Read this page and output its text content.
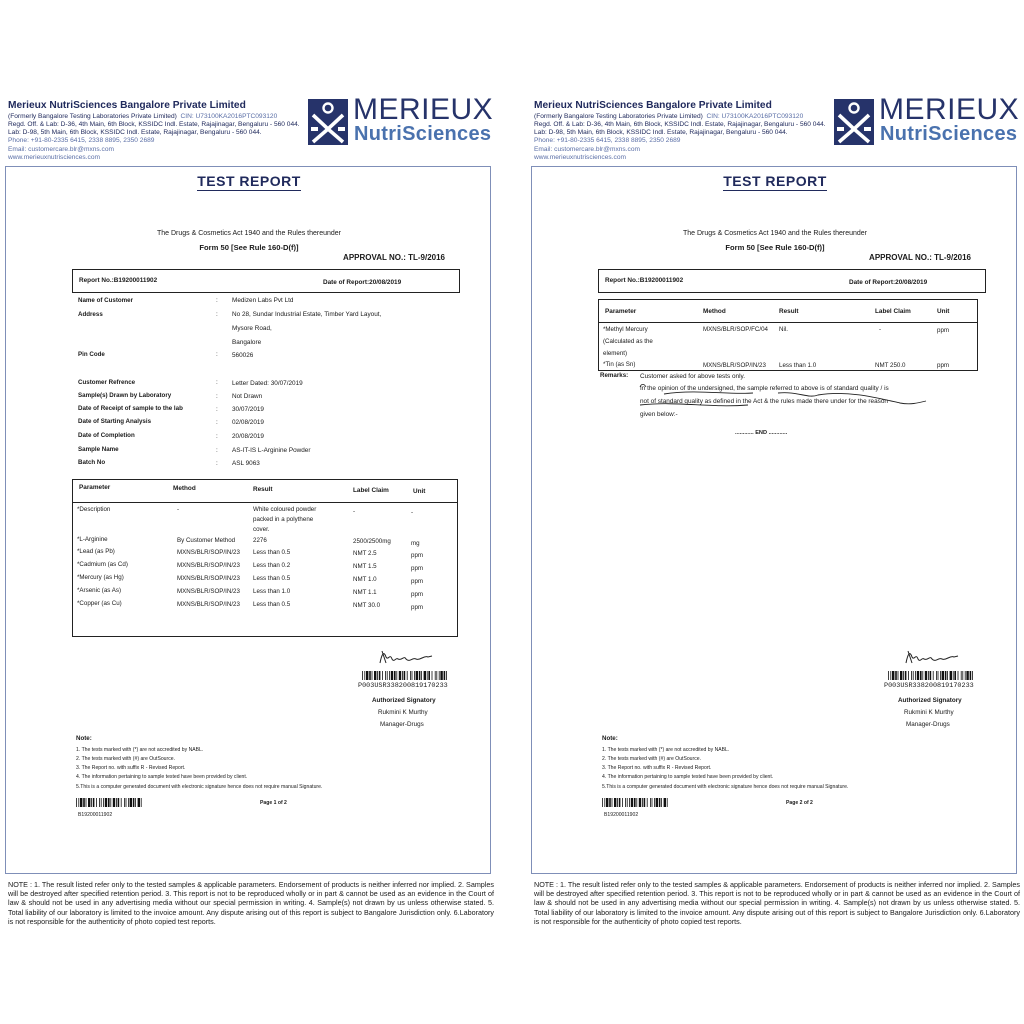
Merieux NutriSciences Bangalore Private Limited
(Formerly Bangalore Testing Laboratories Private Limited) CIN: U73100KA2016PTC093120
Regd. Off. & Lab: D-36, 4th Main, 6th Block, KSSIDC Indl. Estate, Rajajinagar, Bengaluru - 560 044.
Lab: D-98, 5th Main, 6th Block, KSSIDC Indl. Estate, Rajajinagar, Bengaluru - 560 044.
Phone: +91-80-2335 6415, 2338 8895, 2350 2689
Email: customercare.blr@mxns.com
www.merieuxnutrisciences.com
MERIEUX
NutriSciences
TEST REPORT
The Drugs & Cosmetics Act 1940 and the Rules thereunder
Form 50 [See Rule 160-D(f)]
APPROVAL NO.: TL-9/2016
Report No.:B19200011902	Date of Report:20/08/2019
Name of Customer	: Medizen Labs Pvt Ltd
Address	: No 28, Sundar Industrial Estate, Timber Yard Layout,
Mysore Road,
Bangalore
Pin Code	: 560026
Customer Refrence	: Letter Dated: 30/07/2019
Sample(s) Drawn by Laboratory	: Not Drawn
Date of Receipt of sample to the lab	: 30/07/2019
Date of Starting Analysis	: 02/08/2019
Date of Completion	: 20/08/2019
Sample Name	: AS-IT-IS L-Arginine Powder
Batch No	: ASL 9063
Parameter	Method	Result	Label Claim	Unit
*Description	-	White coloured powder	-	-
packed in a polythene
cover.
*L-Arginine	By Customer Method	2276	2500/2500mg	mg
*Lead (as Pb)	MXNS/BLR/SOP/IN/23 Less than 0.5	NMT 2.5	ppm
*Cadmium (as Cd)	MXNS/BLR/SOP/IN/23 Less than 0.2	NMT 1.5	ppm
*Mercury (as Hg)	MXNS/BLR/SOP/IN/23 Less than 0.5	NMT 1.0	ppm
*Arsenic (as As)	MXNS/BLR/SOP/IN/23 Less than 1.0	NMT 1.1	ppm
*Copper (as Cu)	MXNS/BLR/SOP/IN/23 Less than 0.5	NMT 30.0	ppm
P003USR338200819170233
Authorized Signatory
Rukmini K Murthy
Manager-Drugs
Note:
1. The tests marked with (*) are not accredited by NABL.
2. The tests marked with (#) are OutSource.
3. The Report no. with suffix R - Revised Report.
4. The information pertaining to sample tested have been provided by client.
5.This is a computer generated document with electronic signature hence does not require manual Signature.
Page 1 of 2
B19200011902
NOTE : 1. The result listed refer only to the tested samples & applicable parameters. Endorsement of products is neither inferred nor implied. 2. Samples will be destroyed after specified retention period. 3. This report is not to be reproduced wholly or in part & cannot be used as an evidence in the Court of law & should not be used in any advertising media without our special permission in writing. 4. Sample(s) not drawn by us unless otherwise stated. 5. Total liability of our laboratory is limited to the invoice amount. Any dispute arising out of this report is subject to Bangalore Jurisdiction only. 6.Laboratory is not responsible for the authenticity of photo copied test reports.
Merieux NutriSciences Bangalore Private Limited
(Formerly Bangalore Testing Laboratories Private Limited) CIN: U73100KA2016PTC093120
Regd. Off. & Lab: D-36, 4th Main, 6th Block, KSSIDC Indl. Estate, Rajajinagar, Bengaluru - 560 044.
Lab: D-98, 5th Main, 6th Block, KSSIDC Indl. Estate, Rajajinagar, Bengaluru - 560 044.
Phone: +91-80-2335 6415, 2338 8895, 2350 2689
Email: customercare.blr@mxns.com
www.merieuxnutrisciences.com
MERIEUX
NutriSciences
TEST REPORT
The Drugs & Cosmetics Act 1940 and the Rules thereunder
Form 50 [See Rule 160-D(f)]
APPROVAL NO.: TL-9/2016
Report No.:B19200011902	Date of Report:20/08/2019
Parameter	Method	Result	Label Claim	Unit
*Methyl Mercury	MXNS/BLR/SOP/FC/04 Nil.	-	ppm
(Calculated as the
element)
*Tin (as Sn)	MXNS/BLR/SOP/IN/23 Less than 1.0	NMT 250.0	ppm
Remarks: Customer asked for above tests only.
In the opinion of the undersigned, the sample referred to above is of standard quality / is
not of standard quality as defined in the Act & the rules made there under for the reason
given below:-
............ END ............
P003USR338200819170233
Authorized Signatory
Rukmini K Murthy
Manager-Drugs
Note:
1. The tests marked with (*) are not accredited by NABL.
2. The tests marked with (#) are OutSource.
3. The Report no. with suffix R - Revised Report.
4. The information pertaining to sample tested have been provided by client.
5.This is a computer generated document with electronic signature hence does not require manual Signature.
Page 2 of 2
B19200011902
NOTE : 1. The result listed refer only to the tested samples & applicable parameters. Endorsement of products is neither inferred nor implied. 2. Samples will be destroyed after specified retention period. 3. This report is not to be reproduced wholly or in part & cannot be used as an evidence in the Court of law & should not be used in any advertising media without our special permission in writing. 4. Sample(s) not drawn by us unless otherwise stated. 5. Total liability of our laboratory is limited to the invoice amount. Any dispute arising out of this report is subject to Bangalore Jurisdiction only. 6.Laboratory is not responsible for the authenticity of photo copied test reports.
